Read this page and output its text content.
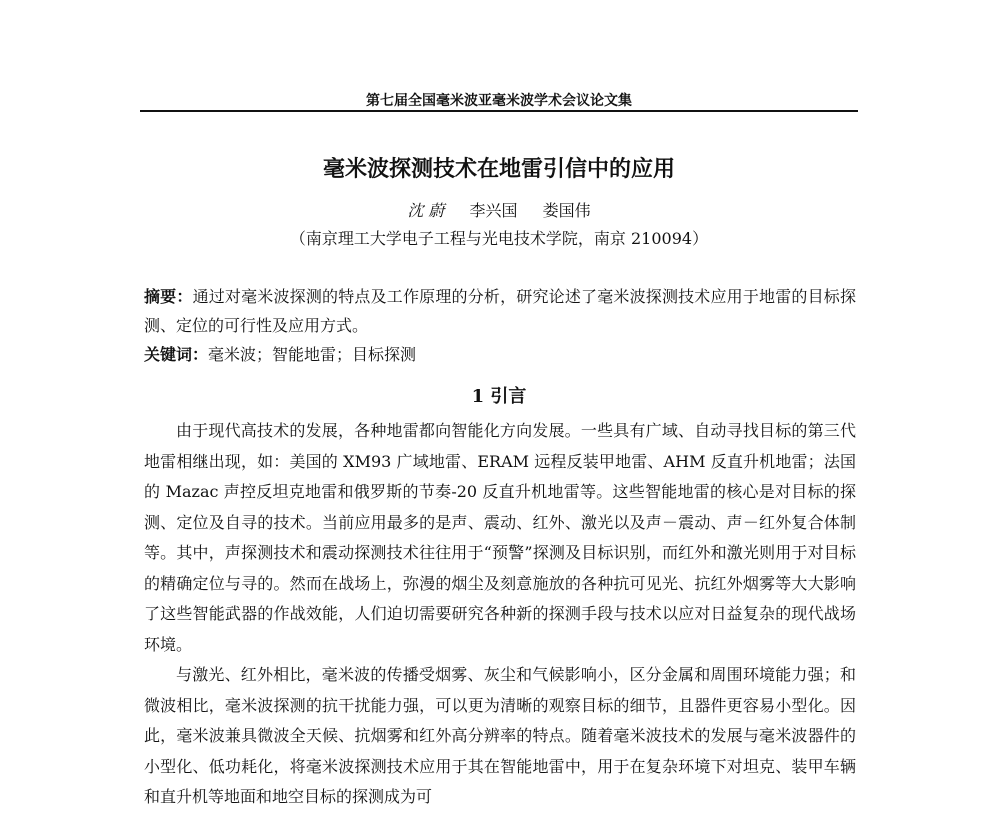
第七届全国毫米波亚毫米波学术会议论文集
毫米波探测技术在地雷引信中的应用
沈 蔚 李兴国 娄国伟
（南京理工大学电子工程与光电技术学院，南京 210094）
摘要：通过对毫米波探测的特点及工作原理的分析，研究论述了毫米波探测技术应用于地雷的目标探测、定位的可行性及应用方式。
关键词：毫米波；智能地雷；目标探测
1 引言

由于现代高技术的发展，各种地雷都向智能化方向发展。一些具有广域、自动寻找目标的第三代地雷相继出现，如：美国的 XM93 广域地雷、ERAM 远程反装甲地雷、AHM 反直升机地雷；法国的 Mazac 声控反坦克地雷和俄罗斯的节奏-20 反直升机地雷等。这些智能地雷的核心是对目标的探测、定位及自寻的技术。当前应用最多的是声、震动、红外、激光以及声－震动、声－红外复合体制等。其中，声探测技术和震动探测技术往往用于“预警”探测及目标识别，而红外和激光则用于对目标的精确定位与寻的。然而在战场上，弥漫的烟尘及刻意施放的各种抗可见光、抗红外烟雾等大大影响了这些智能武器的作战效能，人们迫切需要研究各种新的探测手段与技术以应对日益复杂的现代战场环境。

与激光、红外相比，毫米波的传播受烟雾、灰尘和气候影响小，区分金属和周围环境能力强；和微波相比，毫米波探测的抗干扰能力强，可以更为清晰的观察目标的细节，且器件更容易小型化。因此，毫米波兼具微波全天候、抗烟雾和红外高分辨率的特点。随着毫米波技术的发展与毫米波器件的小型化、低功耗化，将毫米波探测技术应用于其在智能地雷中，用于在复杂环境下对坦克、装甲车辆和直升机等地面和地空目标的探测成为可
